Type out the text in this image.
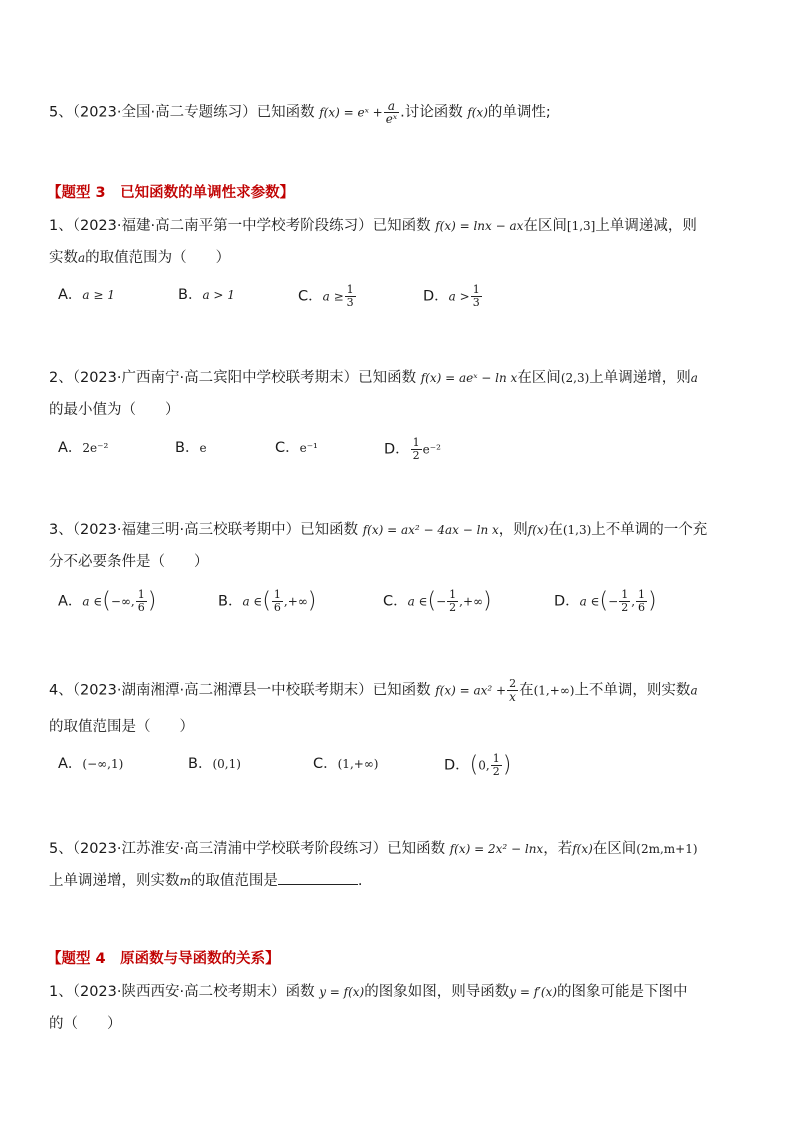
5、（2023·全国·高二专题练习）已知函数 f(x) = eˣ + $\frac{a}{\text{eˣ}}$ .讨论函数 f(x)的单调性;
【题型 3　已知函数的单调性求参数】
1、（2023·福建·高二南平第一中学校考阶段练习）已知函数 f(x) = lnx − ax在区间[1,3]上单调递减，则
实数a的取值范围为（　　）
A．a ≥ 1	B．a > 1	C．$a \ge \frac{1}{3}$	D．$a > \frac{1}{3}$
2、（2023·广西南宁·高二宾阳中学校联考期末）已知函数 f(x) = aeˣ − ln x在区间(2,3)上单调递增，则a
的最小值为（　　）
A．2e⁻²	B．e	C．e⁻¹	D． $\frac{1}{2} e^{-2}$
3、（2023·福建三明·高三校联考期中）已知函数 f(x) = ax² − 4ax − ln x，则f(x)在(1,3)上不单调的一个充
分不必要条件是（　　）
A．a ∈(−∞, $\frac{1}{6}$ )	B．a ∈( $\frac{1}{6}$ ,+∞)	C．a ∈(− $\frac{1}{2}$ ,+∞)	D．a ∈(− $\frac{1}{2}$ , $\frac{1}{6}$ )
4、（2023·湖南湘潭·高二湘潭县一中校联考期末）已知函数 $f(x) = ax^2 + \frac{2}{x}$ 在(1,+∞)上不单调，则实数a
的取值范围是（　　）
A．(−∞,1)	B．(0,1)	C．(1,+∞)	D．(0, $\frac{1}{2}$ )
5、（2023·江苏淮安·高三清浦中学校联考阶段练习）已知函数 f(x) = 2x² − lnx，若f(x)在区间(2m,m+1)
上单调递增，则实数m的取值范围是	.
【题型 4　原函数与导函数的关系】
1、（2023·陕西西安·高二校考期末）函数 y = f(x)的图象如图，则导函数y = f′(x)的图象可能是下图中
的（　　）
